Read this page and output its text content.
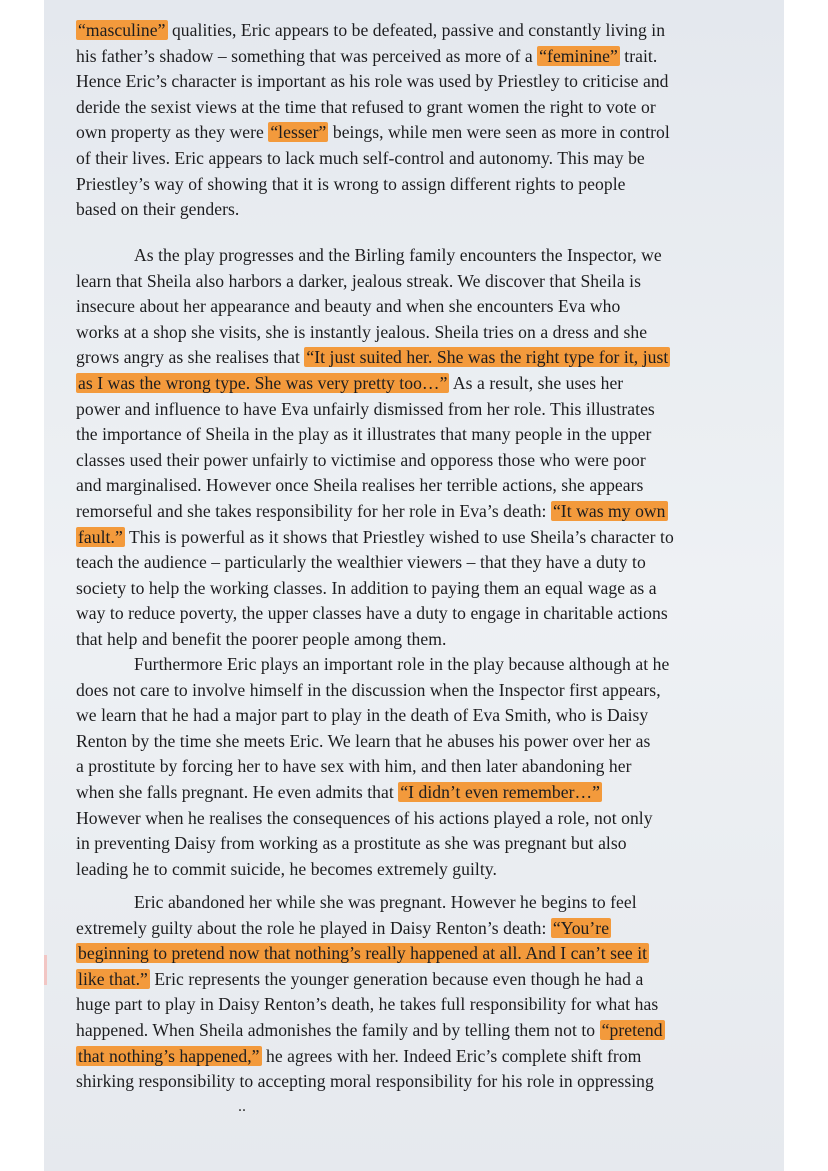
“masculine” qualities, Eric appears to be defeated, passive and constantly living in
his father’s shadow – something that was perceived as more of a “feminine” trait.
Hence Eric’s character is important as his role was used by Priestley to criticise and
deride the sexist views at the time that refused to grant women the right to vote or
own property as they were “lesser” beings, while men were seen as more in control
of their lives. Eric appears to lack much self-control and autonomy. This may be
Priestley’s way of showing that it is wrong to assign different rights to people
based on their genders.
As the play progresses and the Birling family encounters the Inspector, we
learn that Sheila also harbors a darker, jealous streak. We discover that Sheila is
insecure about her appearance and beauty and when she encounters Eva who
works at a shop she visits, she is instantly jealous. Sheila tries on a dress and she
grows angry as she realises that “It just suited her. She was the right type for it, just
as I was the wrong type. She was very pretty too…” As a result, she uses her
power and influence to have Eva unfairly dismissed from her role. This illustrates
the importance of Sheila in the play as it illustrates that many people in the upper
classes used their power unfairly to victimise and opporess those who were poor
and marginalised. However once Sheila realises her terrible actions, she appears
remorseful and she takes responsibility for her role in Eva’s death: “It was my own
fault.” This is powerful as it shows that Priestley wished to use Sheila’s character to
teach the audience – particularly the wealthier viewers – that they have a duty to
society to help the working classes. In addition to paying them an equal wage as a
way to reduce poverty, the upper classes have a duty to engage in charitable actions
that help and benefit the poorer people among them.
Furthermore Eric plays an important role in the play because although at he
does not care to involve himself in the discussion when the Inspector first appears,
we learn that he had a major part to play in the death of Eva Smith, who is Daisy
Renton by the time she meets Eric. We learn that he abuses his power over her as
a prostitute by forcing her to have sex with him, and then later abandoning her
when she falls pregnant. He even admits that “I didn’t even remember…”
However when he realises the consequences of his actions played a role, not only
in preventing Daisy from working as a prostitute as she was pregnant but also
leading he to commit suicide, he becomes extremely guilty.
Eric abandoned her while she was pregnant. However he begins to feel
extremely guilty about the role he played in Daisy Renton’s death: “You’re
beginning to pretend now that nothing’s really happened at all. And I can’t see it
like that.” Eric represents the younger generation because even though he had a
huge part to play in Daisy Renton’s death, he takes full responsibility for what has
happened. When Sheila admonishes the family and by telling them not to “pretend
that nothing’s happened,” he agrees with her. Indeed Eric’s complete shift from
shirking responsibility to accepting moral responsibility for his role in oppressing
..
